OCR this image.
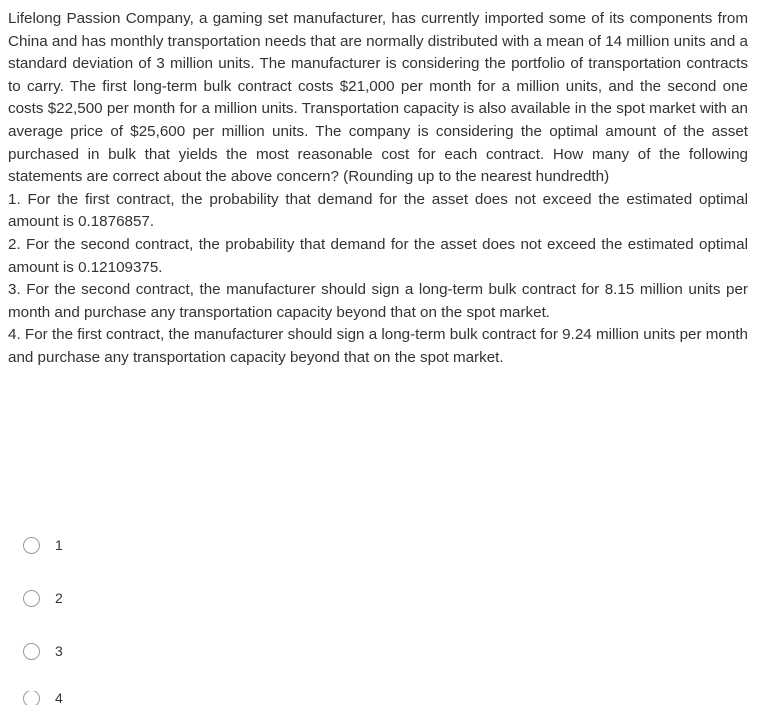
Lifelong Passion Company, a gaming set manufacturer, has currently imported some of its components from China and has monthly transportation needs that are normally distributed with a mean of 14 million units and a standard deviation of 3 million units. The manufacturer is considering the portfolio of transportation contracts to carry. The first long-term bulk contract costs $21,000 per month for a million units, and the second one costs $22,500 per month for a million units. Transportation capacity is also available in the spot market with an average price of $25,600 per million units. The company is considering the optimal amount of the asset purchased in bulk that yields the most reasonable cost for each contract. How many of the following statements are correct about the above concern? (Rounding up to the nearest hundredth)

1. For the first contract, the probability that demand for the asset does not exceed the estimated optimal amount is 0.1876857.

2. For the second contract, the probability that demand for the asset does not exceed the estimated optimal amount is 0.12109375.

3. For the second contract, the manufacturer should sign a long-term bulk contract for 8.15 million units per month and purchase any transportation capacity beyond that on the spot market.

4. For the first contract, the manufacturer should sign a long-term bulk contract for 9.24 million units per month and purchase any transportation capacity beyond that on the spot market.

1
2
3
4
